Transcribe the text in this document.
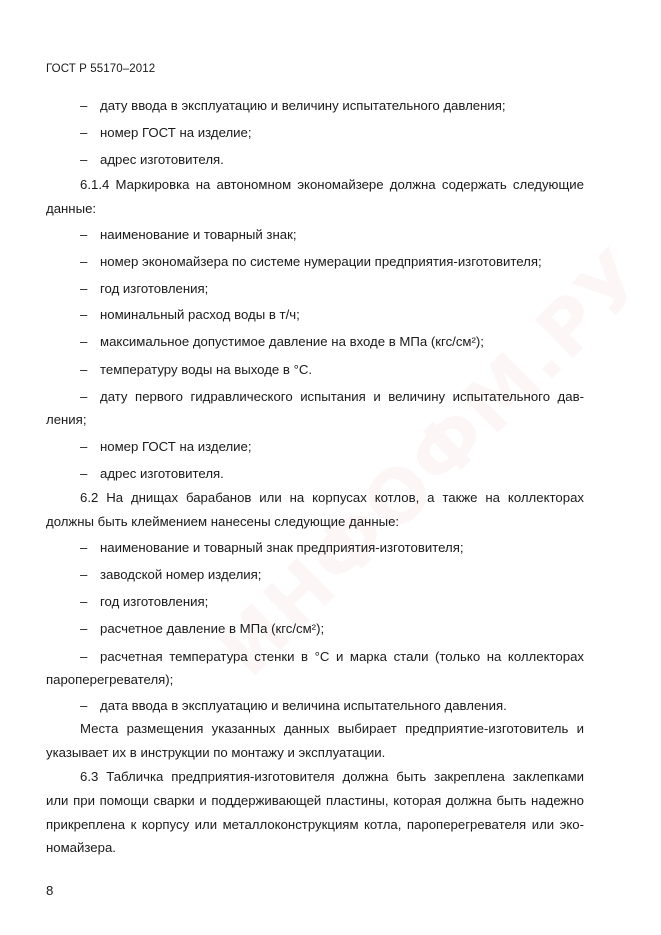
ГОСТ Р 55170–2012
– дату ввода в эксплуатацию и величину испытательного давления;
– номер ГОСТ на изделие;
– адрес изготовителя.
6.1.4 Маркировка на автономном экономайзере должна содержать следующие
данные:
– наименование и товарный знак;
– номер экономайзера по системе нумерации предприятия-изготовителя;
– год изготовления;
– номинальный расход воды в т/ч;
– максимальное допустимое давление на входе в МПа (кгс/см²);
– температуру воды на выходе в °С.
– дату первого гидравлического испытания и величину испытательного дав-
ления;
– номер ГОСТ на изделие;
– адрес изготовителя.
6.2 На днищах барабанов или на корпусах котлов, а также на коллекторах
должны быть клеймением нанесены следующие данные:
– наименование и товарный знак предприятия-изготовителя;
– заводской номер изделия;
– год изготовления;
– расчетное давление в МПа (кгс/см²);
– расчетная температура стенки в °С и марка стали (только на коллекторах
пароперегревателя);
– дата ввода в эксплуатацию и величина испытательного давления.
Места размещения указанных данных выбирает предприятие-изготовитель и
указывает их в инструкции по монтажу и эксплуатации.
6.3 Табличка предприятия-изготовителя должна быть закреплена заклепками
или при помощи сварки и поддерживающей пластины, которая должна быть надежно
прикреплена к корпусу или металлоконструкциям котла, пароперегревателя или эко-
номайзера.
8
